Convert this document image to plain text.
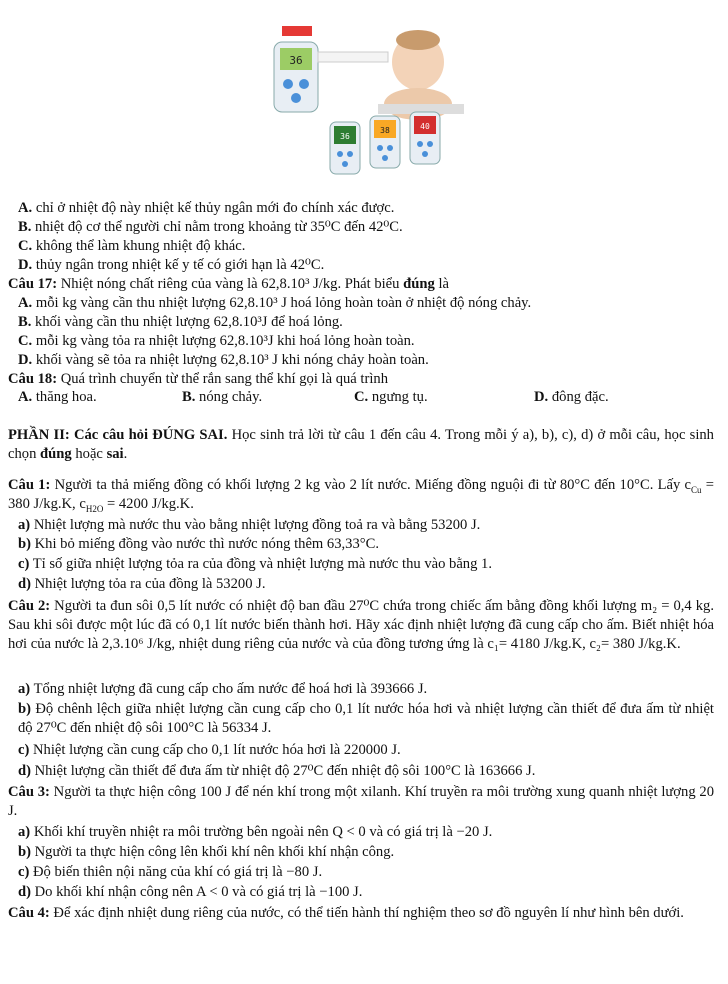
36
36
38	40
A. chỉ ở nhiệt độ này nhiệt kế thủy ngân mới đo chính xác được.
B. nhiệt độ cơ thể người chỉ nằm trong khoảng từ 35⁰C đến 42⁰C.
C. không thể làm khung nhiệt độ khác.
D. thủy ngân trong nhiệt kế y tế có giới hạn là 42⁰C.
Câu 17: Nhiệt nóng chất riêng của vàng là 62,8.10³ J/kg. Phát biểu đúng là
A. mỗi kg vàng cần thu nhiệt lượng 62,8.10³ J hoá lỏng hoàn toàn ở nhiệt độ nóng chảy.
B. khối vàng cần thu nhiệt lượng 62,8.10³J để hoá lỏng.
C. mỗi kg vàng tỏa ra nhiệt lượng 62,8.10³J khi hoá lỏng hoàn toàn.
D. khối vàng sẽ tỏa ra nhiệt lượng 62,8.10³ J khi nóng chảy hoàn toàn.
Câu 18: Quá trình chuyển từ thể rắn sang thể khí gọi là quá trình
A. thăng hoa.	B. nóng chảy.	C. ngưng tụ.	D. đông đặc.
PHẦN II: Các câu hỏi ĐÚNG SAI. Học sinh trả lời từ câu 1 đến câu 4. Trong mỗi ý a), b), c), d) ở mỗi câu, học sinh chọn đúng hoặc sai.
Câu 1: Người ta thả miếng đồng có khối lượng 2 kg vào 2 lít nước. Miếng đồng nguội đi từ 80°C đến 10°C. Lấy $c_{Cu} = 380$ J/kg.K, $c_{H2O} = 4200$ J/kg.K.
a) Nhiệt lượng mà nước thu vào bằng nhiệt lượng đồng toả ra và bằng 53200 J.
b) Khi bỏ miếng đồng vào nước thì nước nóng thêm 63,33°C.
c) Tỉ số giữa nhiệt lượng tỏa ra của đồng và nhiệt lượng mà nước thu vào bằng 1.
d) Nhiệt lượng tỏa ra của đồng là 53200 J.
Câu 2: Người ta đun sôi 0,5 lít nước có nhiệt độ ban đầu 27⁰C chứa trong chiếc ấm bằng đồng khối lượng m₂ = 0,4 kg. Sau khi sôi được một lúc đã có 0,1 lít nước biến thành hơi. Hãy xác định nhiệt lượng đã cung cấp cho ấm. Biết nhiệt hóa hơi của nước là 2,3.10⁶ J/kg, nhiệt dung riêng của nước và của đồng tương ứng là c₁= 4180 J/kg.K, c₂= 380 J/kg.K.
a) Tổng nhiệt lượng đã cung cấp cho ấm nước để hoá hơi là 393666 J.
b) Độ chênh lệch giữa nhiệt lượng cần cung cấp cho 0,1 lít nước hóa hơi và nhiệt lượng cần thiết để đưa ấm từ nhiệt độ 27⁰C đến nhiệt độ sôi 100°C là 56334 J.
c) Nhiệt lượng cần cung cấp cho 0,1 lít nước hóa hơi là 220000 J.
d) Nhiệt lượng cần thiết để đưa ấm từ nhiệt độ 27⁰C đến nhiệt độ sôi 100°C là 163666 J.
Câu 3: Người ta thực hiện công 100 J để nén khí trong một xilanh. Khí truyền ra môi trường xung quanh nhiệt lượng 20 J.
a) Khối khí truyền nhiệt ra môi trường bên ngoài nên Q < 0 và có giá trị là −20 J.
b) Người ta thực hiện công lên khối khí nên khối khí nhận công.
c) Độ biến thiên nội năng của khí có giá trị là −80 J.
d) Do khối khí nhận công nên A < 0 và có giá trị là −100 J.
Câu 4: Để xác định nhiệt dung riêng của nước, có thể tiến hành thí nghiệm theo sơ đồ nguyên lí như hình bên dưới.
